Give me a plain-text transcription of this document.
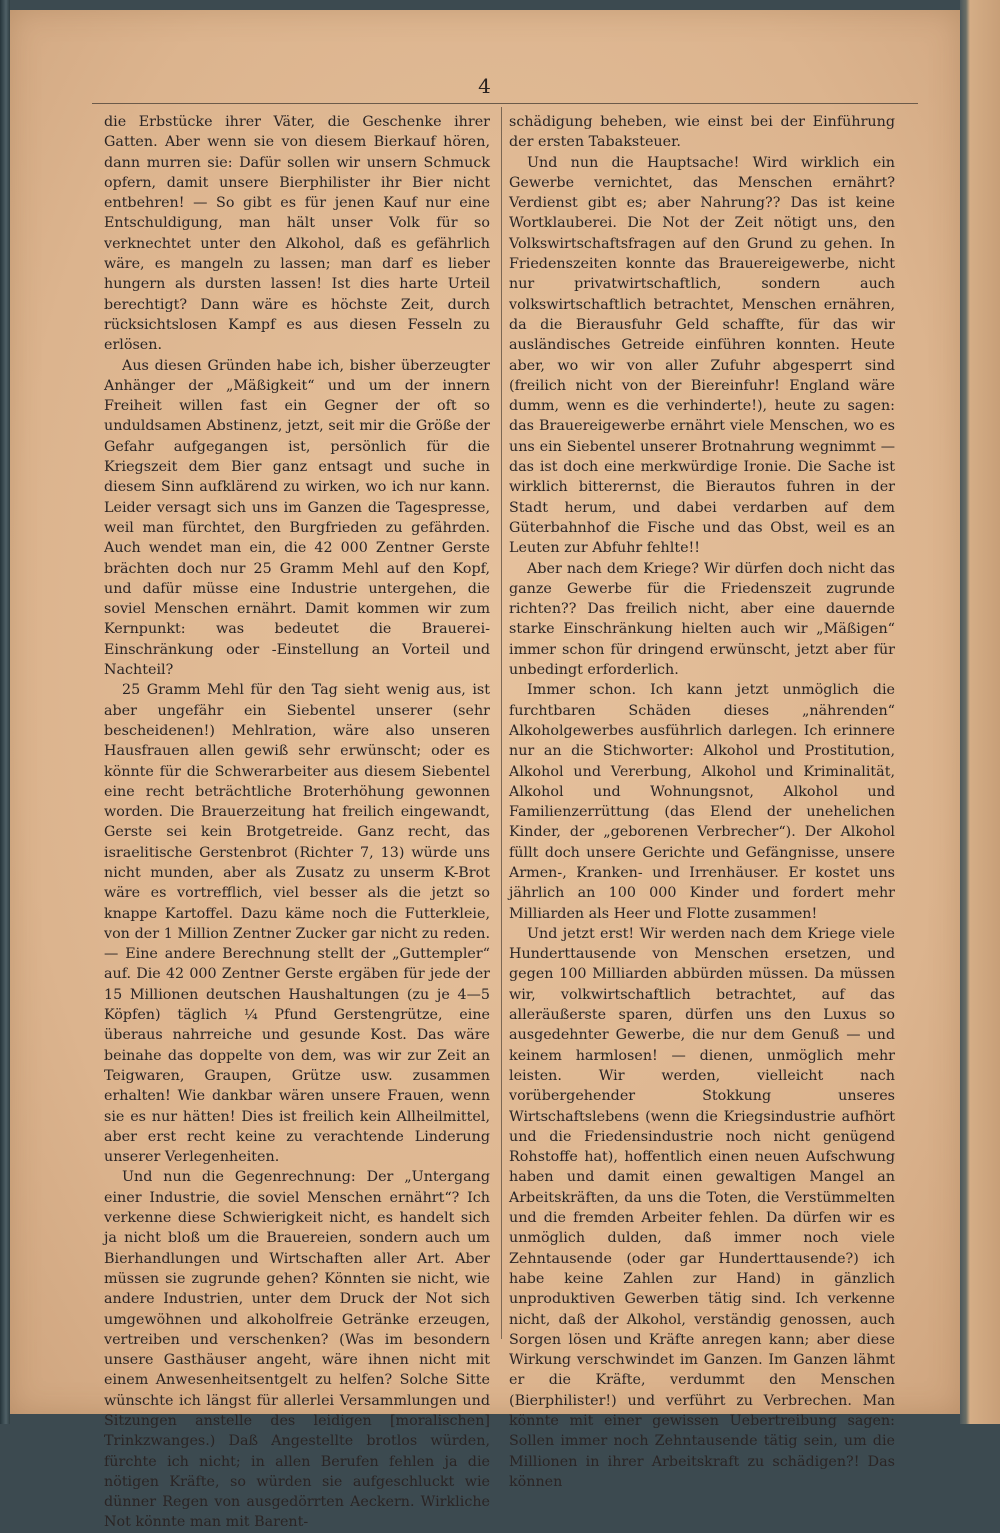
4

die Erbstücke ihrer Väter, die Geschenke ihrer Gatten. Aber wenn sie von diesem Bierkauf hören, dann murren sie: Dafür sollen wir unsern Schmuck opfern, damit unsere Bierphilister ihr Bier nicht entbehren! — So gibt es für jenen Kauf nur eine Entschuldigung, man hält unser Volk für so verknechtet unter den Alkohol, daß es gefährlich wäre, es mangeln zu lassen; man darf es lieber hungern als dursten lassen! Ist dies harte Urteil berechtigt? Dann wäre es höchste Zeit, durch rücksichtslosen Kampf es aus diesen Fesseln zu erlösen.

Aus diesen Gründen habe ich, bisher überzeugter Anhänger der „Mäßigkeit“ und um der innern Freiheit willen fast ein Gegner der oft so unduldsamen Abstinenz, jetzt, seit mir die Größe der Gefahr aufgegangen ist, persönlich für die Kriegszeit dem Bier ganz entsagt und suche in diesem Sinn aufklärend zu wirken, wo ich nur kann. Leider versagt sich uns im Ganzen die Tagespresse, weil man fürchtet, den Burgfrieden zu gefährden. Auch wendet man ein, die 42 000 Zentner Gerste brächten doch nur 25 Gramm Mehl auf den Kopf, und dafür müsse eine Industrie untergehen, die soviel Menschen ernährt. Damit kommen wir zum Kernpunkt: was bedeutet die Brauerei-Einschränkung oder -Einstellung an Vorteil und Nachteil?

25 Gramm Mehl für den Tag sieht wenig aus, ist aber ungefähr ein Siebentel unserer (sehr bescheidenen!) Mehlration, wäre also unseren Hausfrauen allen gewiß sehr erwünscht; oder es könnte für die Schwerarbeiter aus diesem Siebentel eine recht beträchtliche Broterhöhung gewonnen worden. Die Brauerzeitung hat freilich eingewandt, Gerste sei kein Brotgetreide. Ganz recht, das israelitische Gerstenbrot (Richter 7, 13) würde uns nicht munden, aber als Zusatz zu unserm K-Brot wäre es vortrefflich, viel besser als die jetzt so knappe Kartoffel. Dazu käme noch die Futterkleie, von der 1 Million Zentner Zucker gar nicht zu reden. — Eine andere Berechnung stellt der „Guttempler“ auf. Die 42 000 Zentner Gerste ergäben für jede der 15 Millionen deutschen Haushaltungen (zu je 4—5 Köpfen) täglich ¼ Pfund Gerstengrütze, eine überaus nahrreiche und gesunde Kost. Das wäre beinahe das doppelte von dem, was wir zur Zeit an Teigwaren, Graupen, Grütze usw. zusammen erhalten! Wie dankbar wären unsere Frauen, wenn sie es nur hätten! Dies ist freilich kein Allheilmittel, aber erst recht keine zu verachtende Linderung unserer Verlegenheiten.

Und nun die Gegenrechnung: Der „Untergang einer Industrie, die soviel Menschen ernährt“? Ich verkenne diese Schwierigkeit nicht, es handelt sich ja nicht bloß um die Brauereien, sondern auch um Bierhandlungen und Wirtschaften aller Art. Aber müssen sie zugrunde gehen? Könnten sie nicht, wie andere Industrien, unter dem Druck der Not sich umgewöhnen und alkoholfreie Getränke erzeugen, vertreiben und verschenken? (Was im besondern unsere Gasthäuser angeht, wäre ihnen nicht mit einem Anwesenheitsentgelt zu helfen? Solche Sitte wünschte ich längst für allerlei Versammlungen und Sitzungen anstelle des leidigen [moralischen] Trinkzwanges.) Daß Angestellte brotlos würden, fürchte ich nicht; in allen Berufen fehlen ja die nötigen Kräfte, so würden sie aufgeschluckt wie dünner Regen von ausgedörrten Aeckern. Wirkliche Not könnte man mit Barent-

schädigung beheben, wie einst bei der Einführung der ersten Tabaksteuer.

Und nun die Hauptsache! Wird wirklich ein Gewerbe vernichtet, das Menschen ernährt? Verdienst gibt es; aber Nahrung?? Das ist keine Wortklauberei. Die Not der Zeit nötigt uns, den Volkswirtschaftsfragen auf den Grund zu gehen. In Friedenszeiten konnte das Brauereigewerbe, nicht nur privatwirtschaftlich, sondern auch volkswirtschaftlich betrachtet, Menschen ernähren, da die Bierausfuhr Geld schaffte, für das wir ausländisches Getreide einführen konnten. Heute aber, wo wir von aller Zufuhr abgesperrt sind (freilich nicht von der Biereinfuhr! England wäre dumm, wenn es die verhinderte!), heute zu sagen: das Brauereigewerbe ernährt viele Menschen, wo es uns ein Siebentel unserer Brotnahrung wegnimmt — das ist doch eine merkwürdige Ironie. Die Sache ist wirklich bitterernst, die Bierautos fuhren in der Stadt herum, und dabei verdarben auf dem Güterbahnhof die Fische und das Obst, weil es an Leuten zur Abfuhr fehlte!!

Aber nach dem Kriege? Wir dürfen doch nicht das ganze Gewerbe für die Friedenszeit zugrunde richten?? Das freilich nicht, aber eine dauernde starke Einschränkung hielten auch wir „Mäßigen“ immer schon für dringend erwünscht, jetzt aber für unbedingt erforderlich.

Immer schon. Ich kann jetzt unmöglich die furchtbaren Schäden dieses „nährenden“ Alkoholgewerbes ausführlich darlegen. Ich erinnere nur an die Stichworter: Alkohol und Prostitution, Alkohol und Vererbung, Alkohol und Kriminalität, Alkohol und Wohnungsnot, Alkohol und Familienzerrüttung (das Elend der unehelichen Kinder, der „geborenen Verbrecher“). Der Alkohol füllt doch unsere Gerichte und Gefängnisse, unsere Armen-, Kranken- und Irrenhäuser. Er kostet uns jährlich an 100 000 Kinder und fordert mehr Milliarden als Heer und Flotte zusammen!

Und jetzt erst! Wir werden nach dem Kriege viele Hunderttausende von Menschen ersetzen, und gegen 100 Milliarden abbürden müssen. Da müssen wir, volkwirtschaftlich betrachtet, auf das alleräußerste sparen, dürfen uns den Luxus so ausgedehnter Gewerbe, die nur dem Genuß — und keinem harmlosen! — dienen, unmöglich mehr leisten. Wir werden, vielleicht nach vorübergehender Stokkung unseres Wirtschaftslebens (wenn die Kriegsindustrie aufhört und die Friedensindustrie noch nicht genügend Rohstoffe hat), hoffentlich einen neuen Aufschwung haben und damit einen gewaltigen Mangel an Arbeitskräften, da uns die Toten, die Verstümmelten und die fremden Arbeiter fehlen. Da dürfen wir es unmöglich dulden, daß immer noch viele Zehntausende (oder gar Hunderttausende?) ich habe keine Zahlen zur Hand) in gänzlich unproduktiven Gewerben tätig sind. Ich verkenne nicht, daß der Alkohol, verständig genossen, auch Sorgen lösen und Kräfte anregen kann; aber diese Wirkung verschwindet im Ganzen. Im Ganzen lähmt er die Kräfte, verdummt den Menschen (Bierphilister!) und verführt zu Verbrechen. Man könnte mit einer gewissen Uebertreibung sagen: Sollen immer noch Zehntausende tätig sein, um die Millionen in ihrer Arbeitskraft zu schädigen?! Das können
